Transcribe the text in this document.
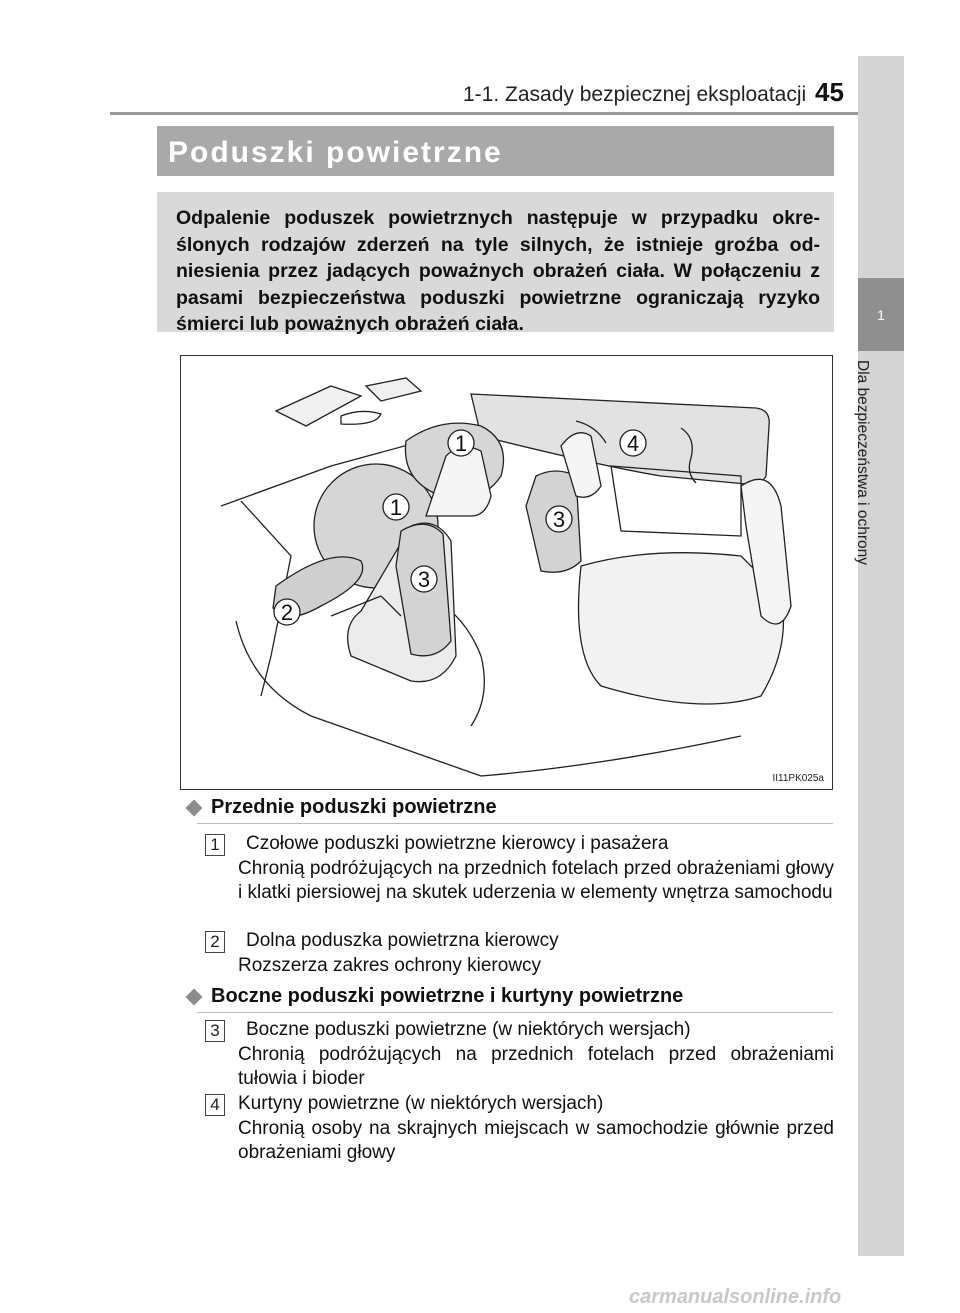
1-1. Zasady bezpiecznej eksploatacji 45
1
Dla bezpieczeństwa i ochrony
Poduszki powietrzne
Odpalenie poduszek powietrznych następuje w przypadku określonych rodzajów zderzeń na tyle silnych, że istnieje groźba odniesienia przez jadących poważnych obrażeń ciała. W połączeniu z pasami bezpieczeństwa poduszki powietrzne ograniczają ryzyko śmierci lub poważnych obrażeń ciała.
1
1
2
3
3
4
II11PK025a
Przednie poduszki powietrzne
1 Czołowe poduszki powietrzne kierowcy i pasażera
Chronią podróżujących na przednich fotelach przed obrażeniami głowy i klatki piersiowej na skutek uderzenia w elementy wnętrza samochodu
2 Dolna poduszka powietrzna kierowcy
Rozszerza zakres ochrony kierowcy
Boczne poduszki powietrzne i kurtyny powietrzne
3 Boczne poduszki powietrzne (w niektórych wersjach)
Chronią podróżujących na przednich fotelach przed obrażeniami tułowia i bioder
4 Kurtyny powietrzne (w niektórych wersjach)
Chronią osoby na skrajnych miejscach w samochodzie głównie przed obrażeniami głowy
carmanualsonline.info
